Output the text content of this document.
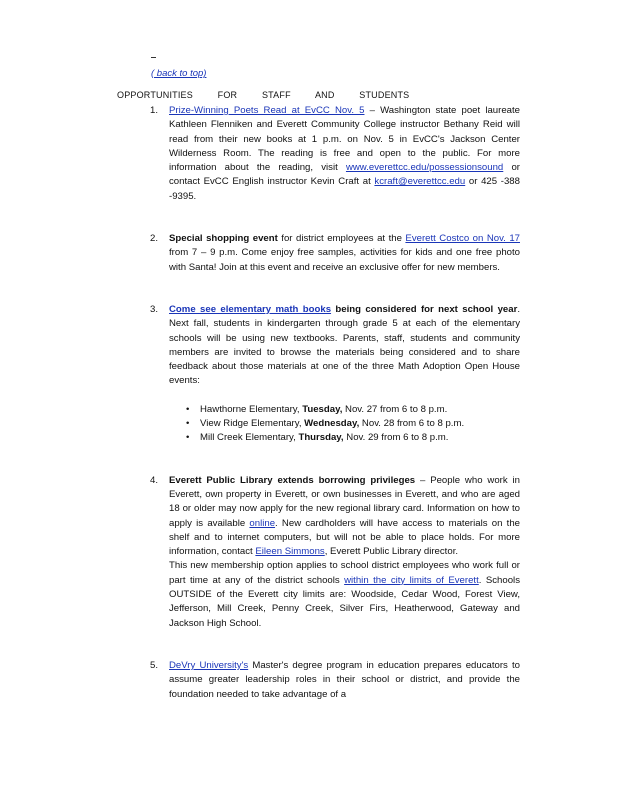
( back to top)
OPPORTUNITIES FOR STAFF AND STUDENTS
1. Prize-Winning Poets Read at EvCC Nov. 5 – Washington state poet laureate Kathleen Flenniken and Everett Community College instructor Bethany Reid will read from their new books at 1 p.m. on Nov. 5 in EvCC's Jackson Center Wilderness Room. The reading is free and open to the public. For more information about the reading, visit www.everettcc.edu/possessionsound or contact EvCC English instructor Kevin Craft at kcraft@everettcc.edu or 425 -388 -9395.

2. Special shopping event for district employees at the Everett Costco on Nov. 17 from 7 – 9 p.m. Come enjoy free samples, activities for kids and one free photo with Santa! Join at this event and receive an exclusive offer for new members.

3. Come see elementary math books being considered for next school year. Next fall, students in kindergarten through grade 5 at each of the elementary schools will be using new textbooks. Parents, staff, students and community members are invited to browse the materials being considered and to share feedback about those materials at one of the three Math Adoption Open House events:

• Hawthorne Elementary, Tuesday, Nov. 27 from 6 to 8 p.m.
• View Ridge Elementary, Wednesday, Nov. 28 from 6 to 8 p.m.
• Mill Creek Elementary, Thursday, Nov. 29 from 6 to 8 p.m.
4. Everett Public Library extends borrowing privileges – People who work in Everett, own property in Everett, or own businesses in Everett, and who are aged 18 or older may now apply for the new regional library card. Information on how to apply is available online. New cardholders will have access to materials on the shelf and to internet computers, but will not be able to place holds. For more information, contact Eileen Simmons, Everett Public Library director.

This new membership option applies to school district employees who work full or part time at any of the district schools within the city limits of Everett. Schools OUTSIDE of the Everett city limits are: Woodside, Cedar Wood, Forest View, Jefferson, Mill Creek, Penny Creek, Silver Firs, Heatherwood, Gateway and Jackson High School.

5. DeVry University's Master's degree program in education prepares educators to assume greater leadership roles in their school or district, and provide the foundation needed to take advantage of a
